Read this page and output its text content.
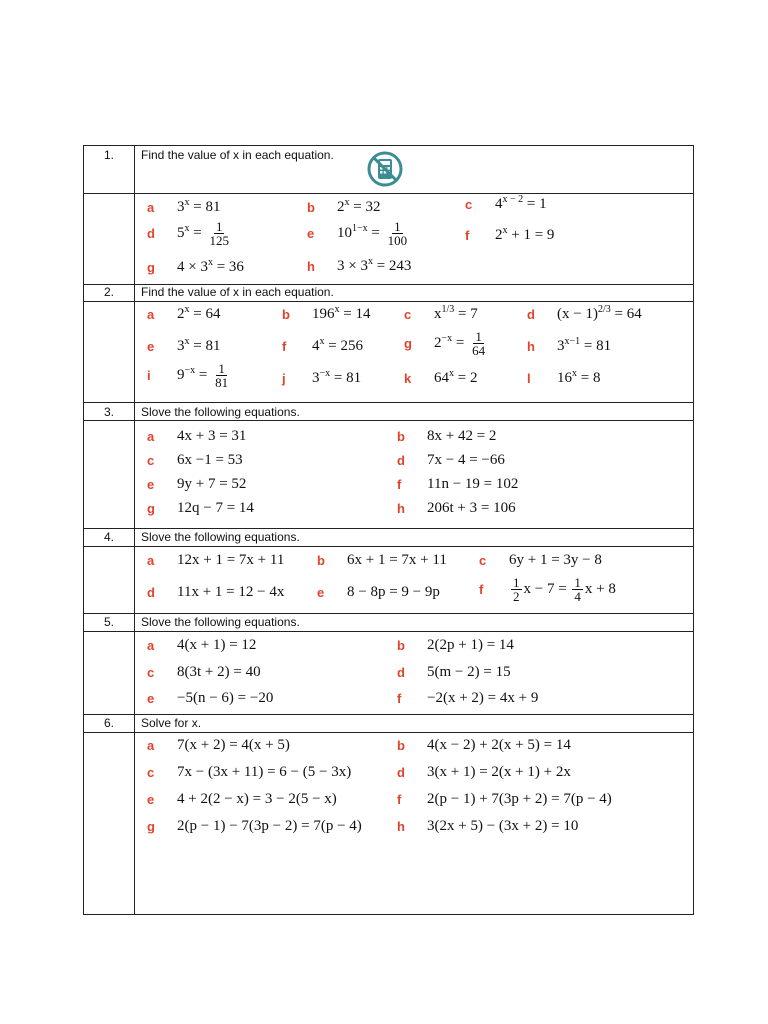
1.	Find the value of x in each equation.
a	$3^x = 81$	b	$2^x = 32$	c	$4^{x - 2} = 1$
d	$5^x = \frac{1}{125}$	e	$10^{1-x} = \frac{1}{100}$	f	$2^x + 1 = 9$
g	$4 \times 3^x = 36$	h	$3 \times 3^x = 243$
2.	Find the value of x in each equation.
a	$2^x = 64$	b	$196^x = 14$	c	$x^{1/3} = 7$	d	$(x - 1)^{2/3} = 64$
e	$3^x = 81$	f	$4^x = 256$	g	$2^{-x} = \frac{1}{64}$	h	$3^{x-1} = 81$
i	$9^{-x} = \frac{1}{81}$	j	$3^{-x} = 81$	k	$64^x = 2$	l	$16^x = 8$
3.	Slove the following equations.
a	4x + 3 = 31	b	8x + 42 = 2
c	6x −1 = 53	d	7x − 4 = −66
e	9y + 7 = 52	f	11n − 19 = 102
g	12q − 7 = 14	h	206t + 3 = 106
4.	Slove the following equations.
a	12x + 1 = 7x + 11	b	6x + 1 = 7x + 11 c	6y + 1 = 3y − 8
d	11x + 1 = 12 − 4x	e	8 − 8p = 9 − 9p	f	$\frac{1}{2}$ $x - 7 = \frac{1}{4}$ x + 8
5.	Slove the following equations.
a	4(x + 1) = 12	b	2(2p + 1) = 14
c	8(3t + 2) = 40	d	5(m − 2) = 15
e	−5(n − 6) = −20	f	−2(x + 2) = 4x + 9
6.	Solve for x.
a	7(x + 2) = 4(x + 5)	b	4(x − 2) + 2(x + 5) = 14
c	7x − (3x + 11) = 6 − (5 − 3x)	d	3(x + 1) = 2(x + 1) + 2x
e	4 + 2(2 − x) = 3 − 2(5 − x)	f	2(p − 1) + 7(3p + 2) = 7(p − 4)
g	2(p − 1) − 7(3p − 2) = 7(p − 4)	h	3(2x + 5) − (3x + 2) = 10
